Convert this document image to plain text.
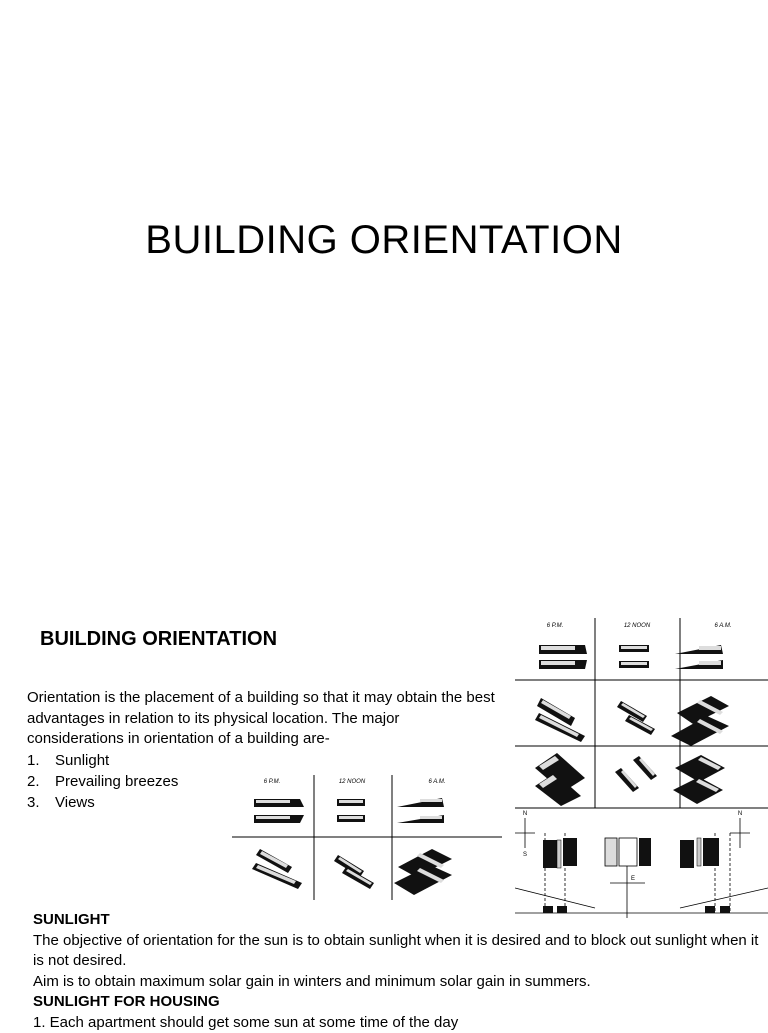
BUILDING ORIENTATION
BUILDING ORIENTATION

Orientation is the placement of a building so that it may obtain the best advantages in relation to its physical location. The major considerations in orientation of a building are-

1. Sunlight
2. Prevailing breezes
3. Views
6 P.M.	12 NOON	6 A.M.
N
S
N
E
6 P.M.	12 NOON	6 A.M.

SUNLIGHT

The objective of orientation for the sun is to obtain sunlight when it is desired and to block out sunlight when it is not desired.

Aim is to obtain maximum solar gain in winters and minimum solar gain in summers.

SUNLIGHT FOR HOUSING

1. Each apartment should get some sun at some time of the day
